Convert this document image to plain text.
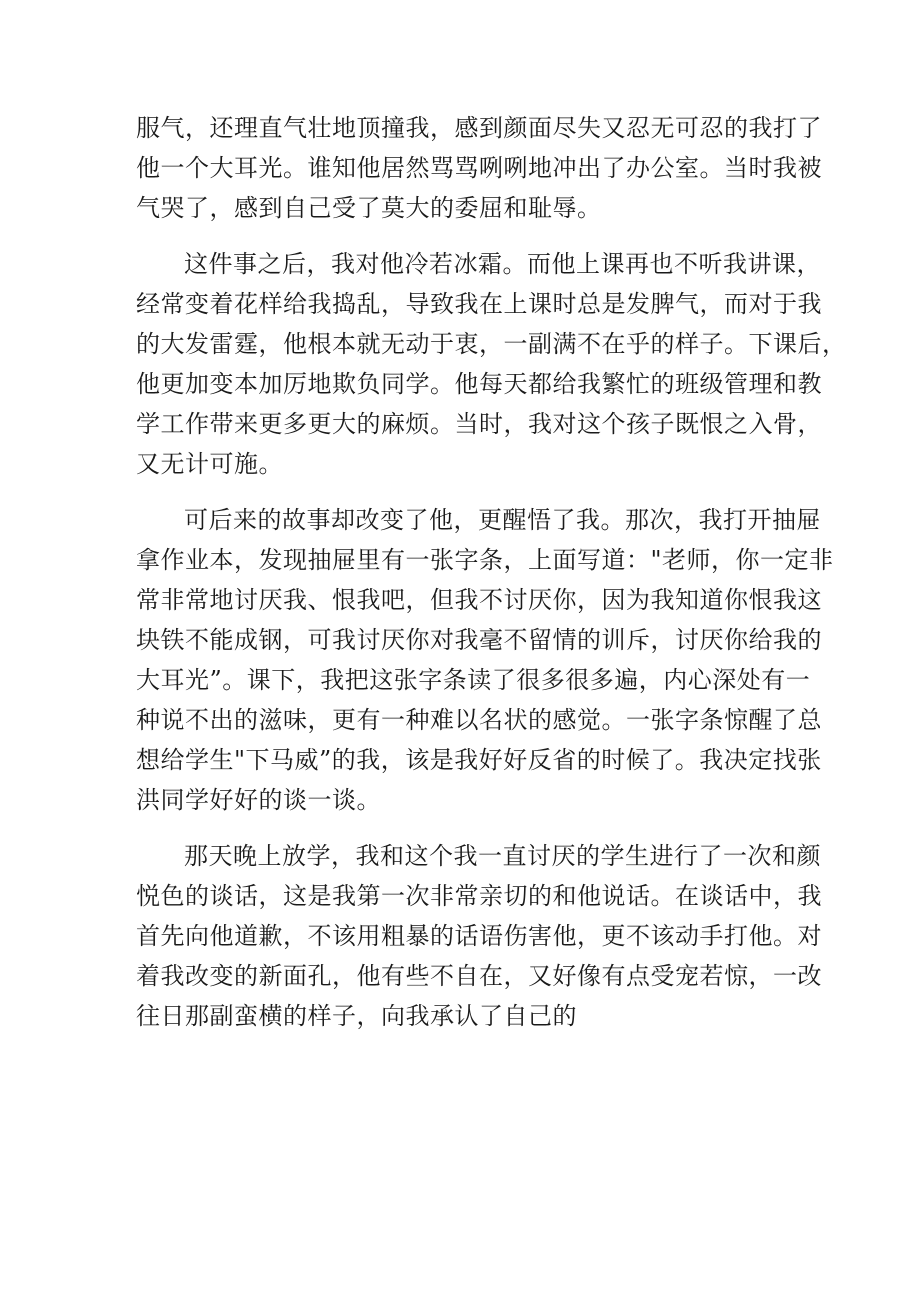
服气，还理直气壮地顶撞我，感到颜面尽失又忍无可忍的我打了
他一个大耳光。谁知他居然骂骂咧咧地冲出了办公室。当时我被
气哭了，感到自己受了莫大的委屈和耻辱。
这件事之后，我对他冷若冰霜。而他上课再也不听我讲课，
经常变着花样给我捣乱，导致我在上课时总是发脾气，而对于我
的大发雷霆，他根本就无动于衷，一副满不在乎的样子。下课后，
他更加变本加厉地欺负同学。他每天都给我繁忙的班级管理和教
学工作带来更多更大的麻烦。当时，我对这个孩子既恨之入骨，
又无计可施。
可后来的故事却改变了他，更醒悟了我。那次，我打开抽屉
拿作业本，发现抽屉里有一张字条，上面写道："老师，你一定非
常非常地讨厌我、恨我吧，但我不讨厌你，因为我知道你恨我这
块铁不能成钢，可我讨厌你对我毫不留情的训斥，讨厌你给我的
大耳光”。课下，我把这张字条读了很多很多遍，内心深处有一
种说不出的滋味，更有一种难以名状的感觉。一张字条惊醒了总
想给学生"下马威”的我，该是我好好反省的时候了。我决定找张
洪同学好好的谈一谈。
那天晚上放学，我和这个我一直讨厌的学生进行了一次和颜
悦色的谈话，这是我第一次非常亲切的和他说话。在谈话中，我
首先向他道歉，不该用粗暴的话语伤害他，更不该动手打他。对
着我改变的新面孔，他有些不自在，又好像有点受宠若惊，一改
往日那副蛮横的样子，向我承认了自己的
